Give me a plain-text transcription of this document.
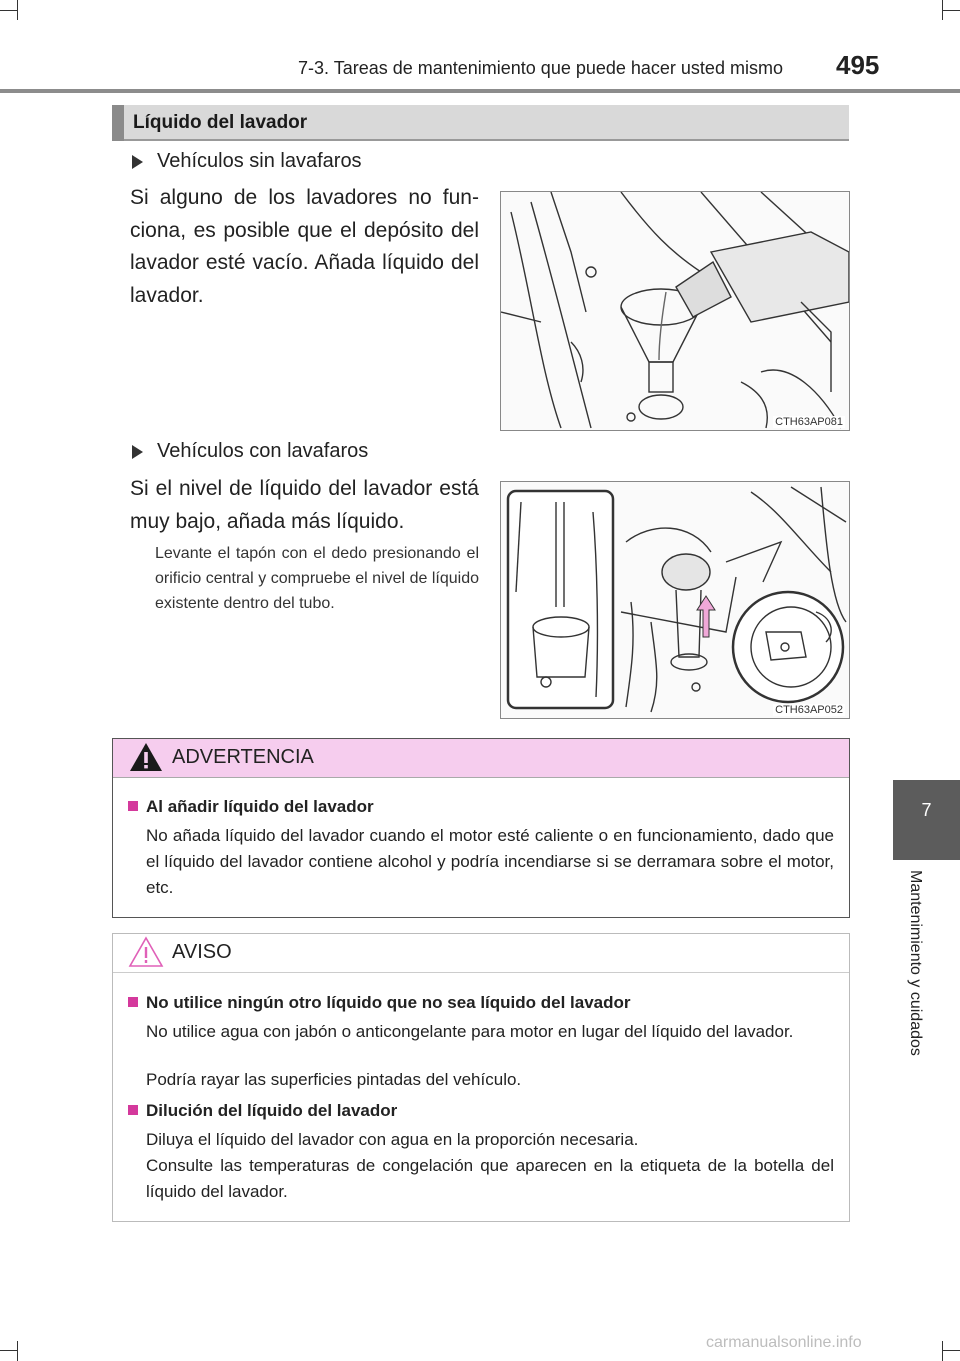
7-3. Tareas de mantenimiento que puede hacer usted mismo 495
7
Mantenimiento y cuidados
Líquido del lavador
Vehículos sin lavafaros
Si alguno de los lavadores no funciona, es posible que el depósito del lavador esté vacío. Añada líquido del lavador.
CTH63AP081
Vehículos con lavafaros
Si el nivel de líquido del lavador está muy bajo, añada más líquido.
Levante el tapón con el dedo presionando el orificio central y compruebe el nivel de líquido existente dentro del tubo.
CTH63AP052
ADVERTENCIA
Al añadir líquido del lavador
No añada líquido del lavador cuando el motor esté caliente o en funcionamiento, dado que el líquido del lavador contiene alcohol y podría incendiarse si se derramara sobre el motor, etc.
AVISO
No utilice ningún otro líquido que no sea líquido del lavador
No utilice agua con jabón o anticongelante para motor en lugar del líquido del lavador.
Podría rayar las superficies pintadas del vehículo.
Dilución del líquido del lavador
Diluya el líquido del lavador con agua en la proporción necesaria.
Consulte las temperaturas de congelación que aparecen en la etiqueta de la botella del líquido del lavador.
carmanualsonline.info
